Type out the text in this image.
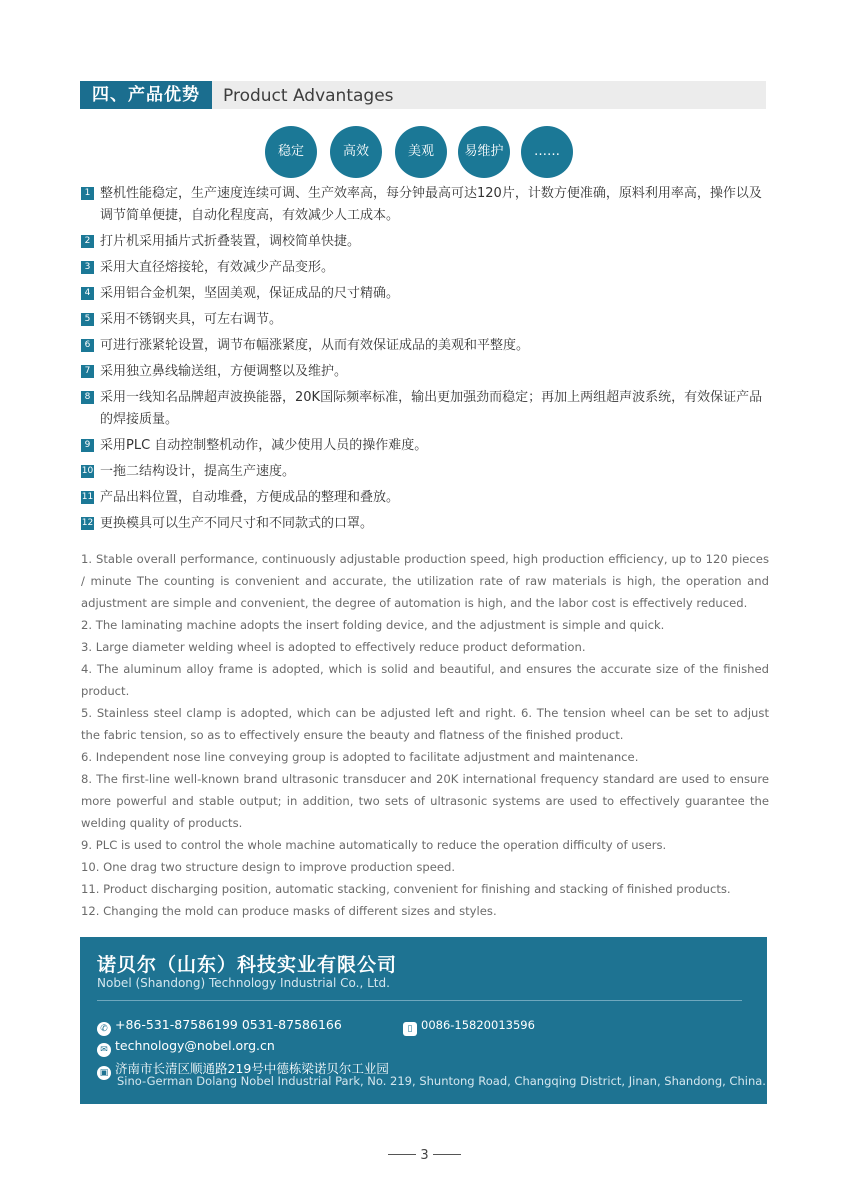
四、产品优势	Product Advantages
稳定	高效	美观	易维护	……
1 整机性能稳定，生产速度连续可调、生产效率高，每分钟最高可达120片，计数方便准确，原料利用率高，操作以及调节简单便捷，自动化程度高，有效减少人工成本。
2 打片机采用插片式折叠装置，调校简单快捷。
3 采用大直径熔接轮，有效减少产品变形。
4 采用铝合金机架，坚固美观，保证成品的尺寸精确。
5 采用不锈钢夹具，可左右调节。
6 可进行涨紧轮设置，调节布幅涨紧度，从而有效保证成品的美观和平整度。
7 采用独立鼻线输送组，方便调整以及维护。
8 采用一线知名品牌超声波换能器，20K国际频率标准，输出更加强劲而稳定；再加上两组超声波系统，有效保证产品的焊接质量。
9 采用PLC 自动控制整机动作，减少使用人员的操作难度。
10 一拖二结构设计，提高生产速度。
11 产品出料位置，自动堆叠，方便成品的整理和叠放。
12 更换模具可以生产不同尺寸和不同款式的口罩。

1. Stable overall performance, continuously adjustable production speed, high production efficiency, up to 120 pieces / minute The counting is convenient and accurate, the utilization rate of raw materials is high, the operation and adjustment are simple and convenient, the degree of automation is high, and the labor cost is effectively reduced.

2. The laminating machine adopts the insert folding device, and the adjustment is simple and quick.

3. Large diameter welding wheel is adopted to effectively reduce product deformation.

4. The aluminum alloy frame is adopted, which is solid and beautiful, and ensures the accurate size of the finished product.

5. Stainless steel clamp is adopted, which can be adjusted left and right. 6. The tension wheel can be set to adjust the fabric tension, so as to effectively ensure the beauty and flatness of the finished product.

6. Independent nose line conveying group is adopted to facilitate adjustment and maintenance.

8. The first-line well-known brand ultrasonic transducer and 20K international frequency standard are used to ensure more powerful and stable output; in addition, two sets of ultrasonic systems are used to effectively guarantee the welding quality of products.

9. PLC is used to control the whole machine automatically to reduce the operation difficulty of users.

10. One drag two structure design to improve production speed.

11. Product discharging position, automatic stacking, convenient for finishing and stacking of finished products.

12. Changing the mold can produce masks of different sizes and styles.

诺贝尔（山东）科技实业有限公司
Nobel (Shandong) Technology Industrial Co., Ltd.
✆ +86-531-87586199 0531-87586166	▯ 0086-15820013596
✉ technology@nobel.org.cn
▣ 济南市长清区顺通路219号中德栋梁诺贝尔工业园
Sino-German Dolang Nobel Industrial Park, No. 219, Shuntong Road, Changqing District, Jinan, Shandong, China.
3
